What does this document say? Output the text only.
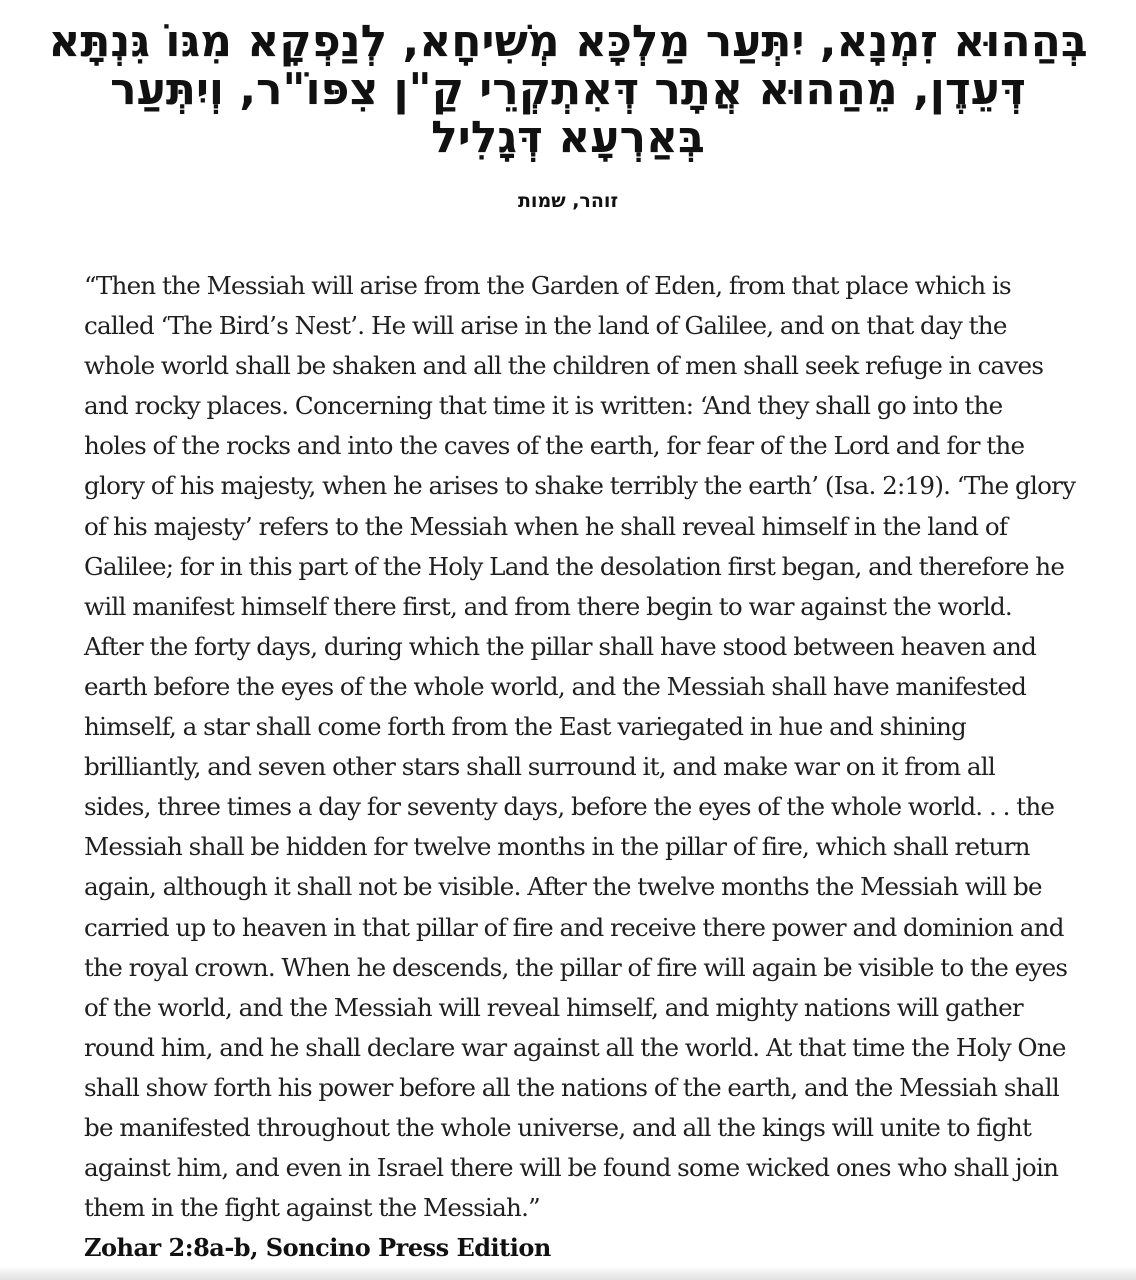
בְּהַהוּא זִמְנָא, יִתְּעַר מַלְכָּא מְשִׁיחָא, לְנַפְקָא מִגּוֹ גִּנְתָּא
דְּעֵדֶן, מֵהַהוּא אֲתָר דְּאִתְקְרֵי קַ"ן צִפּוֹ"ר, וְיִתְּעַר
בְּאַרְעָא דְּגָלִיל
זוהר, שמות
“Then the Messiah will arise from the Garden of Eden, from that place which is
called ‘The Bird’s Nest’. He will arise in the land of Galilee, and on that day the
whole world shall be shaken and all the children of men shall seek refuge in caves
and rocky places. Concerning that time it is written: ‘And they shall go into the
holes of the rocks and into the caves of the earth, for fear of the Lord and for the
glory of his majesty, when he arises to shake terribly the earth’ (Isa. 2:19). ‘The glory
of his majesty’ refers to the Messiah when he shall reveal himself in the land of
Galilee; for in this part of the Holy Land the desolation first began, and therefore he
will manifest himself there first, and from there begin to war against the world.
After the forty days, during which the pillar shall have stood between heaven and
earth before the eyes of the whole world, and the Messiah shall have manifested
himself, a star shall come forth from the East variegated in hue and shining
brilliantly, and seven other stars shall surround it, and make war on it from all
sides, three times a day for seventy days, before the eyes of the whole world. . . the
Messiah shall be hidden for twelve months in the pillar of fire, which shall return
again, although it shall not be visible. After the twelve months the Messiah will be
carried up to heaven in that pillar of fire and receive there power and dominion and
the royal crown. When he descends, the pillar of fire will again be visible to the eyes
of the world, and the Messiah will reveal himself, and mighty nations will gather
round him, and he shall declare war against all the world. At that time the Holy One
shall show forth his power before all the nations of the earth, and the Messiah shall
be manifested throughout the whole universe, and all the kings will unite to fight
against him, and even in Israel there will be found some wicked ones who shall join
them in the fight against the Messiah.”
Zohar 2:8a-b, Soncino Press Edition
